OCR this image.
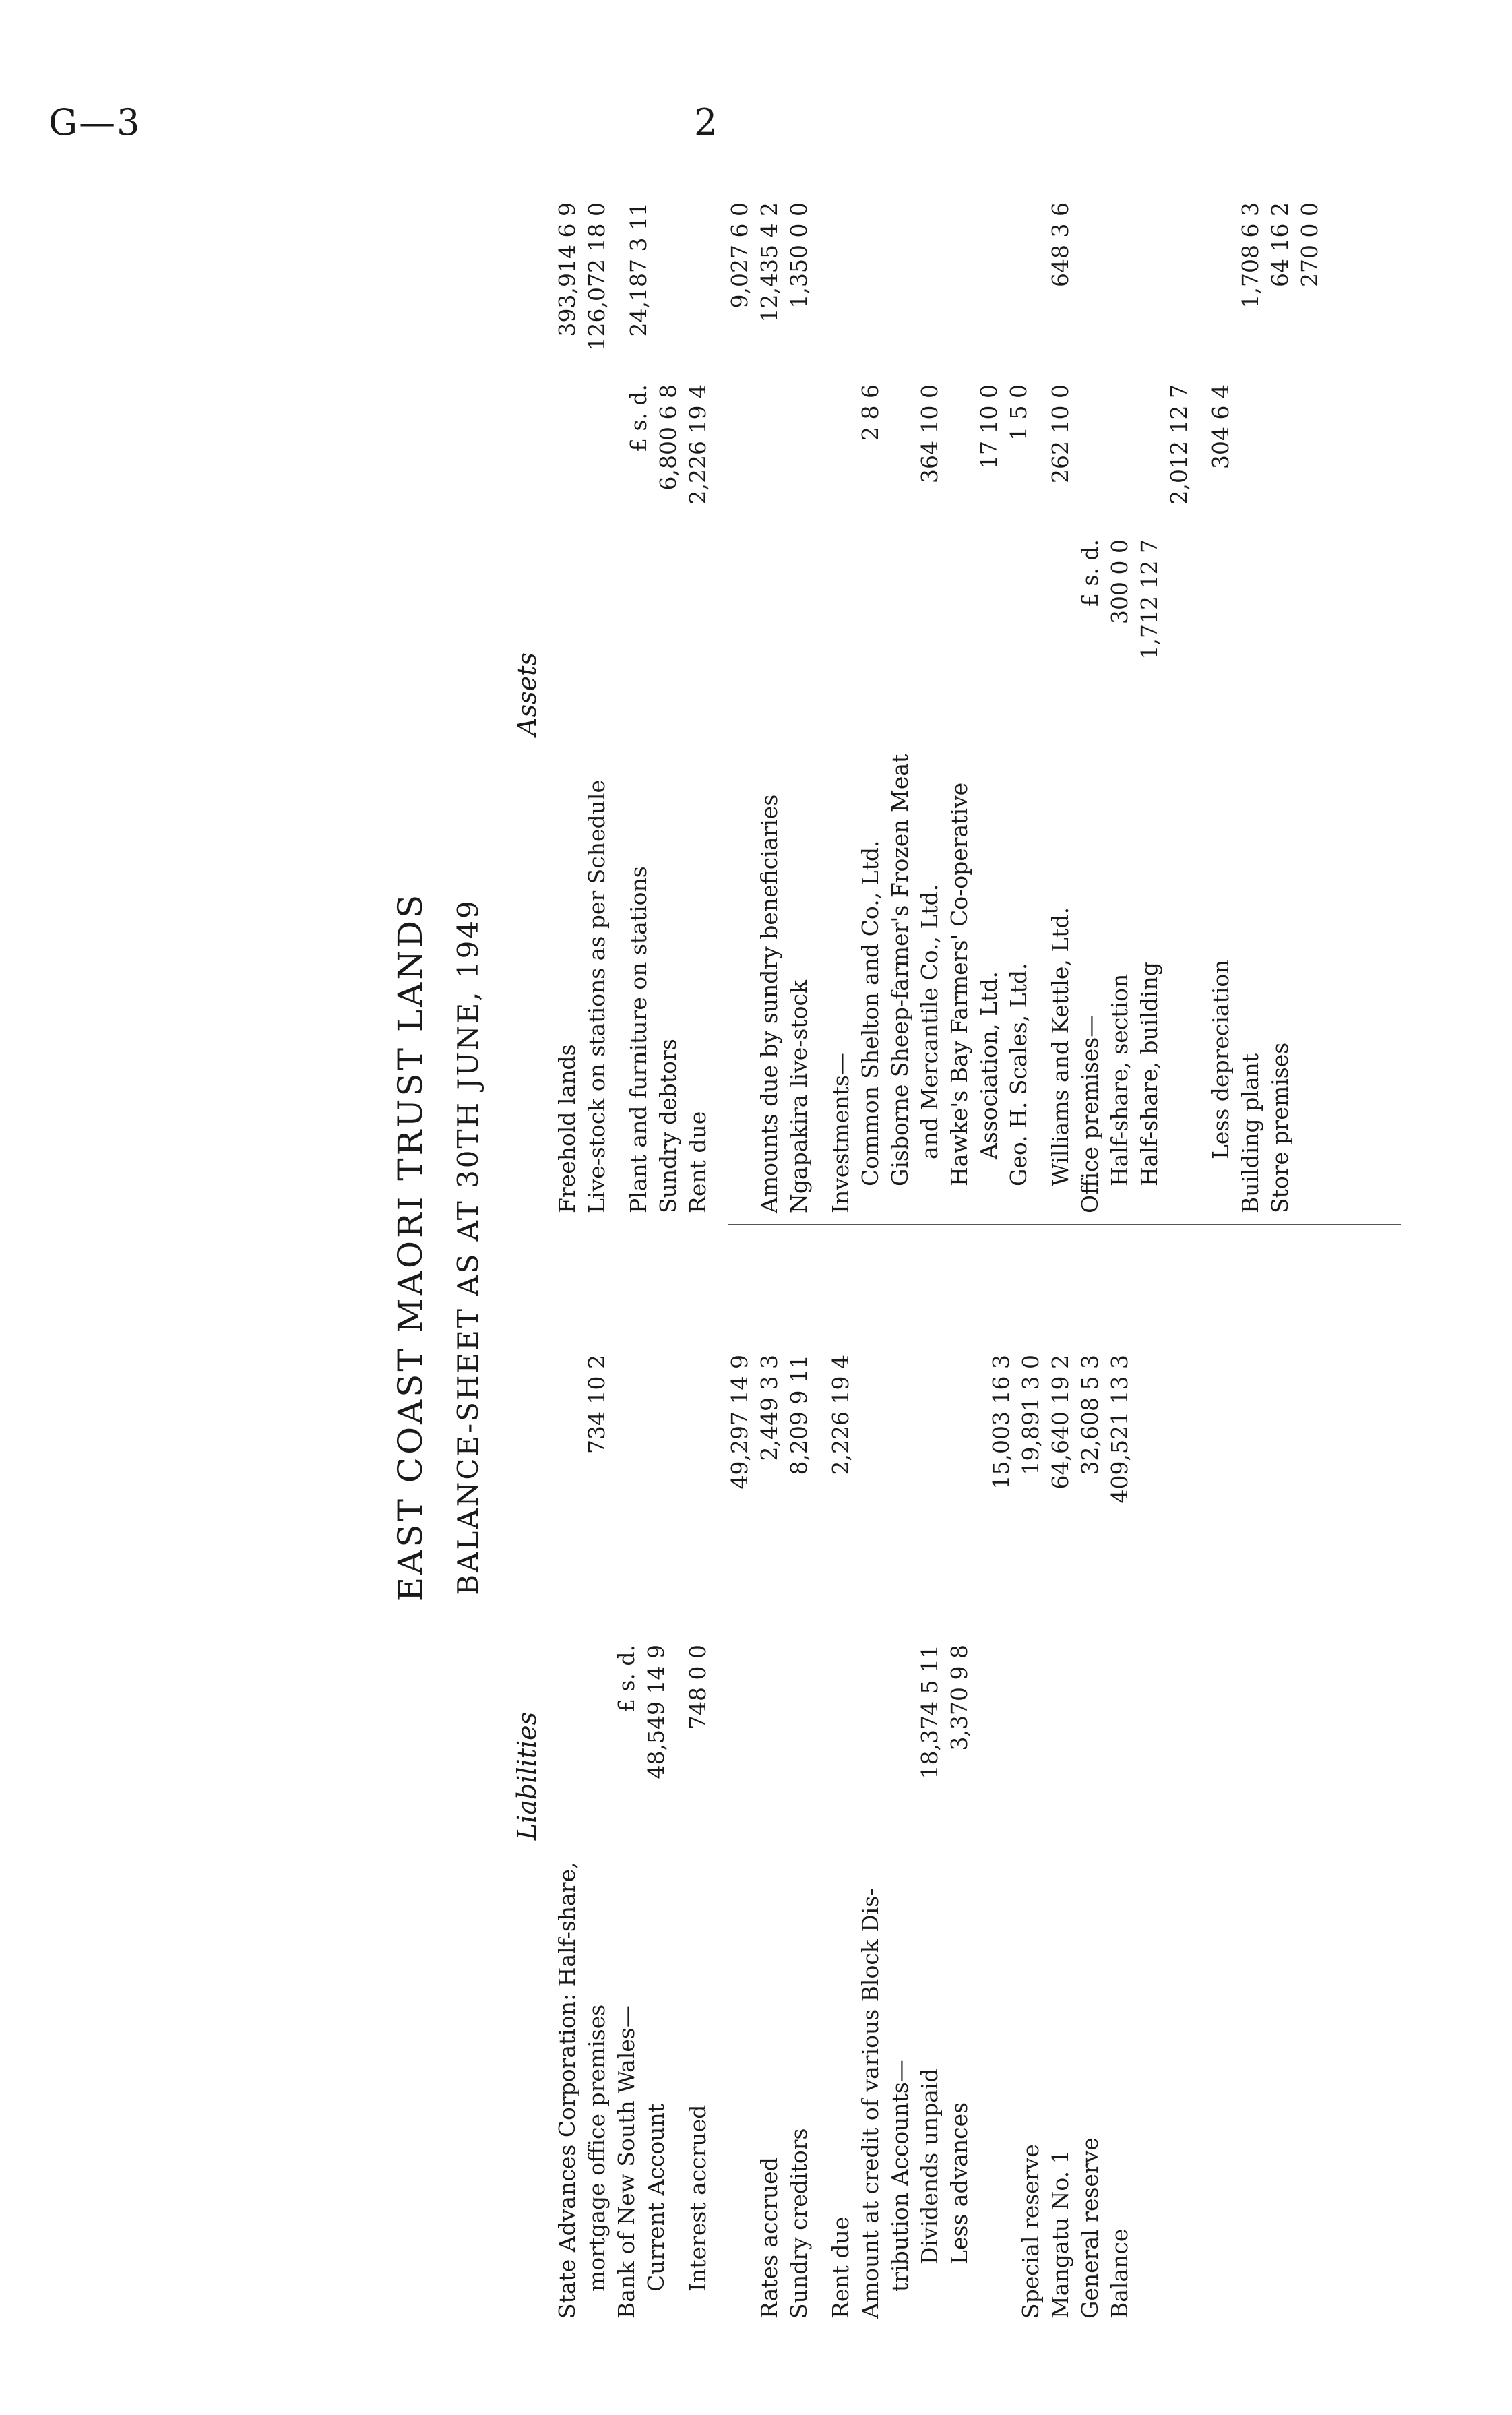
G—3	2
EAST COAST MAORI TRUST LANDS BALANCE-SHEET AS AT 30TH JUNE, 1949
Liabilities
State Advances Corporation: Half-share, mortgage office premises
734 10 2
Bank of New South Wales—
£ s. d.
Current Account
48,549 14 9
Interest accrued
748 0 0
49,297 14 9
Rates accrued
2,449 3 3
Sundry creditors
8,209 9 11
Rent due
2,226 19 4
Amount at credit of various Block Dis- tribution Accounts— Dividends unpaid
18,374 5 11
Less advances
3,370 9 8
15,003 16 3
Special reserve
19,891 3 0
Mangatu No. 1
64,640 19 2
General reserve
32,608 5 3
Balance
409,521 13 3
Assets
Freehold lands
393,914 6 9
Live-stock on stations as per Schedule
126,072 18 0
Plant and furniture on stations
£ s. d.
24,187 3 11
Sundry debtors
6,800 6 8
Rent due
2,226 19 4
9,027 6 0
Amounts due by sundry beneficiaries
12,435 4 2
Ngapakira live-stock
1,350 0 0
Investments— Common Shelton and Co., Ltd.
2 8 6
Gisborne Sheep-farmer's Frozen Meat and Mercantile Co., Ltd.
364 10 0
Hawke's Bay Farmers' Co-operative Association, Ltd.
17 10 0
Geo. H. Scales, Ltd.
1 5 0
Williams and Kettle, Ltd.
262 10 0
648 3 6
Office premises—
£ s. d.
Half-share, section
300 0 0
Half-share, building
1,712 12 7
2,012 12 7
Less depreciation
304 6 4
Building plant
1,708 6 3
Store premises
64 16 2 270 0 0
